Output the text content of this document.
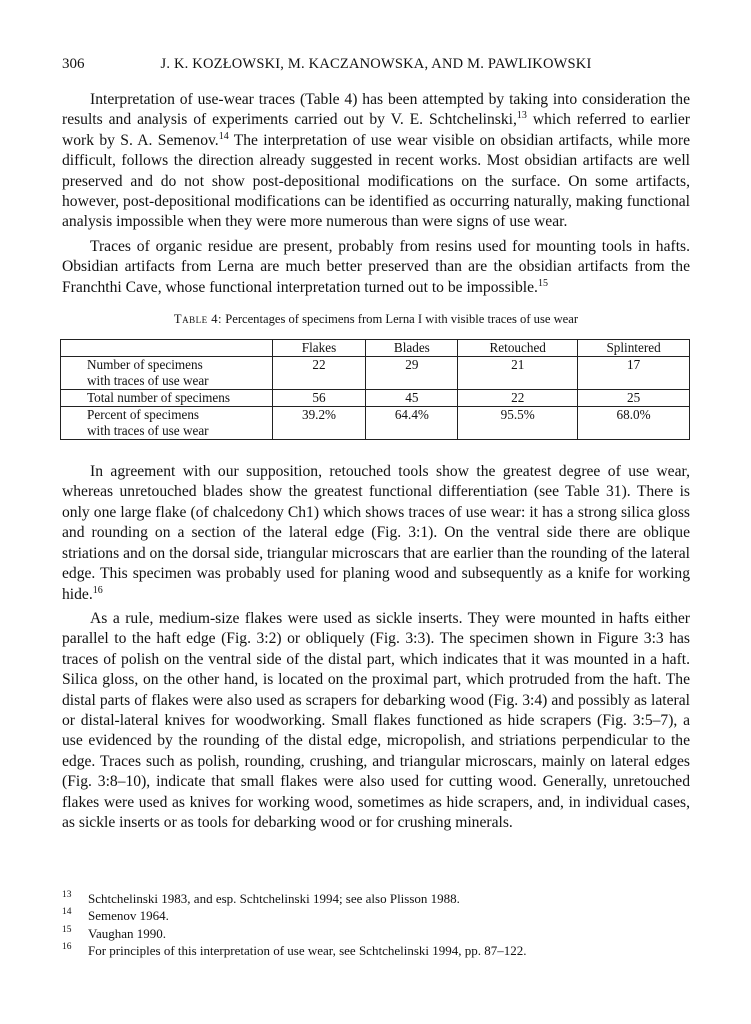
306	J. K. KOZŁOWSKI, M. KACZANOWSKA, AND M. PAWLIKOWSKI

Interpretation of use-wear traces (Table 4) has been attempted by taking into consideration the results and analysis of experiments carried out by V. E. Schtchelinski,$^{13}$ which referred to earlier work by S. A. Semenov.$^{14}$ The interpretation of use wear visible on obsidian artifacts, while more difficult, follows the direction already suggested in recent works. Most obsidian artifacts are well preserved and do not show post-depositional modifications on the surface. On some artifacts, however, post-depositional modifications can be identified as occurring naturally, making functional analysis impossible when they were more numerous than were signs of use wear.

Traces of organic residue are present, probably from resins used for mounting tools in hafts. Obsidian artifacts from Lerna are much better preserved than are the obsidian artifacts from the Franchthi Cave, whose functional interpretation turned out to be impossible.$^{15}$

Table 4: Percentages of specimens from Lerna I with visible traces of use wear
	Flakes	Blades	Retouched	Splintered

Number of specimens
with traces of use wear	22	29	21	17

Total number of specimens	56	45	22	25

Percent of specimens
with traces of use wear	39.2%	64.4%	95.5%	68.0%

In agreement with our supposition, retouched tools show the greatest degree of use wear, whereas unretouched blades show the greatest functional differentiation (see Table 31). There is only one large flake (of chalcedony Ch1) which shows traces of use wear: it has a strong silica gloss and rounding on a section of the lateral edge (Fig. 3:1). On the ventral side there are oblique striations and on the dorsal side, triangular microscars that are earlier than the rounding of the lateral edge. This specimen was probably used for planing wood and subsequently as a knife for working hide.$^{16}$

As a rule, medium-size flakes were used as sickle inserts. They were mounted in hafts either parallel to the haft edge (Fig. 3:2) or obliquely (Fig. 3:3). The specimen shown in Figure 3:3 has traces of polish on the ventral side of the distal part, which indicates that it was mounted in a haft. Silica gloss, on the other hand, is located on the proximal part, which protruded from the haft. The distal parts of flakes were also used as scrapers for debarking wood (Fig. 3:4) and possibly as lateral or distal-lateral knives for woodworking. Small flakes functioned as hide scrapers (Fig. 3:5–7), a use evidenced by the rounding of the distal edge, micropolish, and striations perpendicular to the edge. Traces such as polish, rounding, crushing, and triangular microscars, mainly on lateral edges (Fig. 3:8–10), indicate that small flakes were also used for cutting wood. Generally, unretouched flakes were used as knives for working wood, sometimes as hide scrapers, and, in individual cases, as sickle inserts or as tools for debarking wood or for crushing minerals.

13 Schtchelinski 1983, and esp. Schtchelinski 1994; see also Plisson 1988.
14 Semenov 1964.
15 Vaughan 1990.
16 For principles of this interpretation of use wear, see Schtchelinski 1994, pp. 87–122.
